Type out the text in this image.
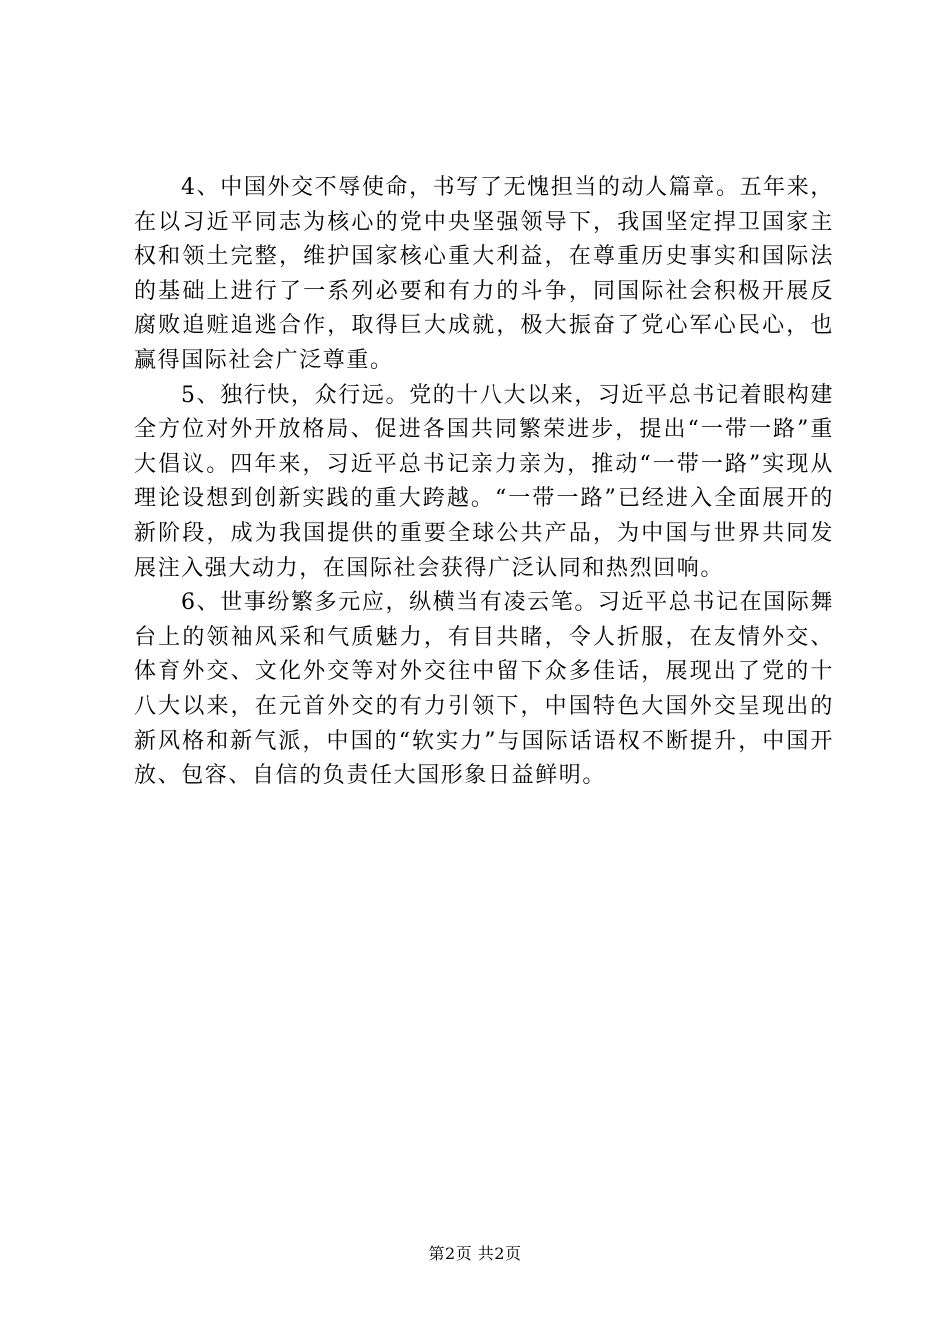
4、中国外交不辱使命，书写了无愧担当的动人篇章。五年来，在以习近平同志为核心的党中央坚强领导下，我国坚定捍卫国家主权和领土完整，维护国家核心重大利益，在尊重历史事实和国际法的基础上进行了一系列必要和有力的斗争，同国际社会积极开展反腐败追赃追逃合作，取得巨大成就，极大振奋了党心军心民心，也赢得国际社会广泛尊重。

5、独行快，众行远。党的十八大以来，习近平总书记着眼构建全方位对外开放格局、促进各国共同繁荣进步，提出“一带一路”重大倡议。四年来，习近平总书记亲力亲为，推动“一带一路”实现从理论设想到创新实践的重大跨越。“一带一路”已经进入全面展开的新阶段，成为我国提供的重要全球公共产品，为中国与世界共同发展注入强大动力，在国际社会获得广泛认同和热烈回响。

6、世事纷繁多元应，纵横当有凌云笔。习近平总书记在国际舞台上的领袖风采和气质魅力，有目共睹，令人折服，在友情外交、体育外交、文化外交等对外交往中留下众多佳话，展现出了党的十八大以来，在元首外交的有力引领下，中国特色大国外交呈现出的新风格和新气派，中国的“软实力”与国际话语权不断提升，中国开放、包容、自信的负责任大国形象日益鲜明。

第2页 共2页
